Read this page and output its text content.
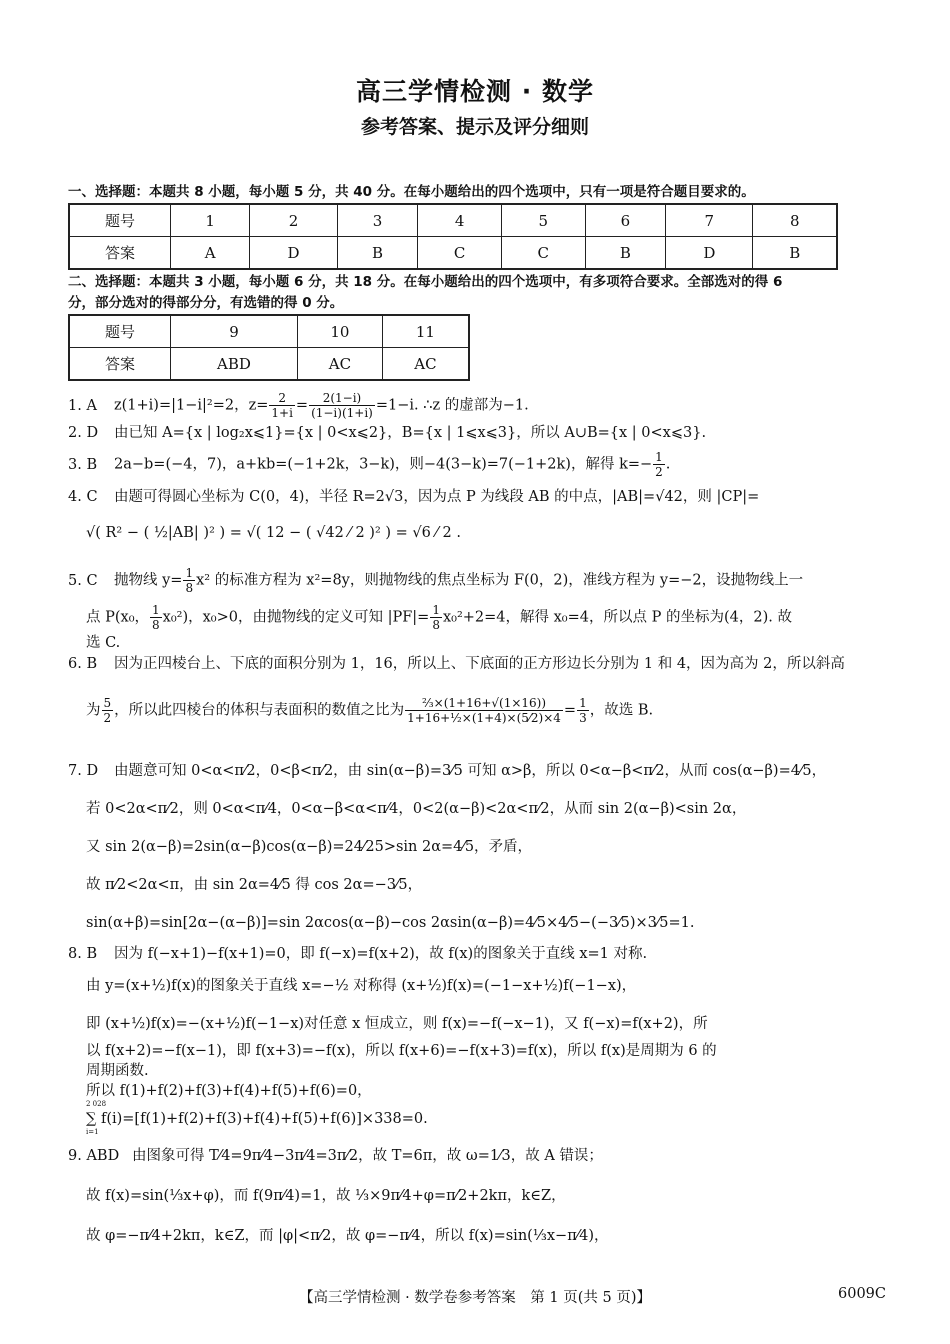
高三学情检测 · 数学
参考答案、提示及评分细则
一、选择题：本题共 8 小题，每小题 5 分，共 40 分。在每小题给出的四个选项中，只有一项是符合题目要求的。
题号	1	2	3	4	5	6	7	8
答案	A	D	B	C	C	B	D	B
二、选择题：本题共 3 小题，每小题 6 分，共 18 分。在每小题给出的四个选项中，有多项符合要求。全部选对的得 6
分，部分选对的得部分分，有选错的得 0 分。
题号	9	10	11
答案	ABD	AC	AC
1. A z(1+i)=|1−i|²=2，$z= \frac{2}{1+i} = \frac{2(1-i)}{(1-i)(1+i)} =1-i$. ∴z 的虚部为−1.
2. D 由已知 A={x | log₂x⩽1}={x | 0<x⩽2}，B={x | 1⩽x⩽3}，所以 A∪B={x | 0<x⩽3}.
3. B 2a−b=(−4，7)，a+kb=(−1+2k，3−k)，则−4(3−k)=7(−1+2k)，解得 $k=- \frac{1}{2}$ .
4. C 由题可得圆心坐标为 C(0，4)，半径 R=2√3，因为点 P 为线段 AB 的中点，|AB|=√42，则 |CP|=
√( R² − ( ½|AB| )² ) = √( 12 − ( √42 ⁄ 2 )² ) = √6 ⁄ 2 .
5. C 抛物线 $y= \frac{1}{8} x^2$ 的标准方程为 x²=8y，则抛物线的焦点坐标为 F(0，2)，准线方程为 y=−2，设抛物线上一
点 P(x₀， $\frac{1}{8} x_0^2$)，x₀>0，由抛物线的定义可知 $|PF|= \frac{1}{8} x_0^2+2=4$，解得 x₀=4，所以点 P 的坐标为(4，2). 故
选 C.
6. B 因为正四棱台上、下底的面积分别为 1，16，所以上、下底面的正方形边长分别为 1 和 4，因为高为 2，所以斜高
为 $\frac{5}{2}$ ，所以此四棱台的体积与表面积的数值之比为 $\frac{\text{⅔×(1+16+√(1×16))}}{\text{1+16+½×(1+4)×(5⁄2)×4}} = \frac{1}{3}$ ，故选 B.
7. D 由题意可知 0<α<π⁄2，0<β<π⁄2，由 sin(α−β)=3⁄5 可知 α>β，所以 0<α−β<π⁄2，从而 cos(α−β)=4⁄5，
若 0<2α<π⁄2，则 0<α<π⁄4，0<α−β<α<π⁄4，0<2(α−β)<2α<π⁄2，从而 sin 2(α−β)<sin 2α，
又 sin 2(α−β)=2sin(α−β)cos(α−β)=24⁄25>sin 2α=4⁄5，矛盾，
故 π⁄2<2α<π，由 sin 2α=4⁄5 得 cos 2α=−3⁄5，
sin(α+β)=sin[2α−(α−β)]=sin 2αcos(α−β)−cos 2αsin(α−β)=4⁄5×4⁄5−(−3⁄5)×3⁄5=1.
8. B 因为 f(−x+1)−f(x+1)=0，即 f(−x)=f(x+2)，故 f(x)的图象关于直线 x=1 对称.
由 y=(x+½)f(x)的图象关于直线 x=−½ 对称得 (x+½)f(x)=(−1−x+½)f(−1−x)，
即 (x+½)f(x)=−(x+½)f(−1−x)对任意 x 恒成立，则 f(x)=−f(−x−1)，又 f(−x)=f(x+2)，所
以 f(x+2)=−f(x−1)，即 f(x+3)=−f(x)，所以 f(x+6)=−f(x+3)=f(x)，所以 f(x)是周期为 6 的
周期函数.
所以 f(1)+f(2)+f(3)+f(4)+f(5)+f(6)=0，
2 028
∑ f(i)=[f(1)+f(2)+f(3)+f(4)+f(5)+f(6)]×338=0.
i=1
9. ABD 由图象可得 T⁄4=9π⁄4−3π⁄4=3π⁄2，故 T=6π，故 ω=1⁄3，故 A 错误；
故 f(x)=sin(⅓x+φ)，而 f(9π⁄4)=1，故 ⅓×9π⁄4+φ=π⁄2+2kπ，k∈Z，
故 φ=−π⁄4+2kπ，k∈Z，而 |φ|<π⁄2，故 φ=−π⁄4，所以 f(x)=sin(⅓x−π⁄4)，
【高三学情检测 · 数学卷参考答案　第 1 页(共 5 页)】	6009C
